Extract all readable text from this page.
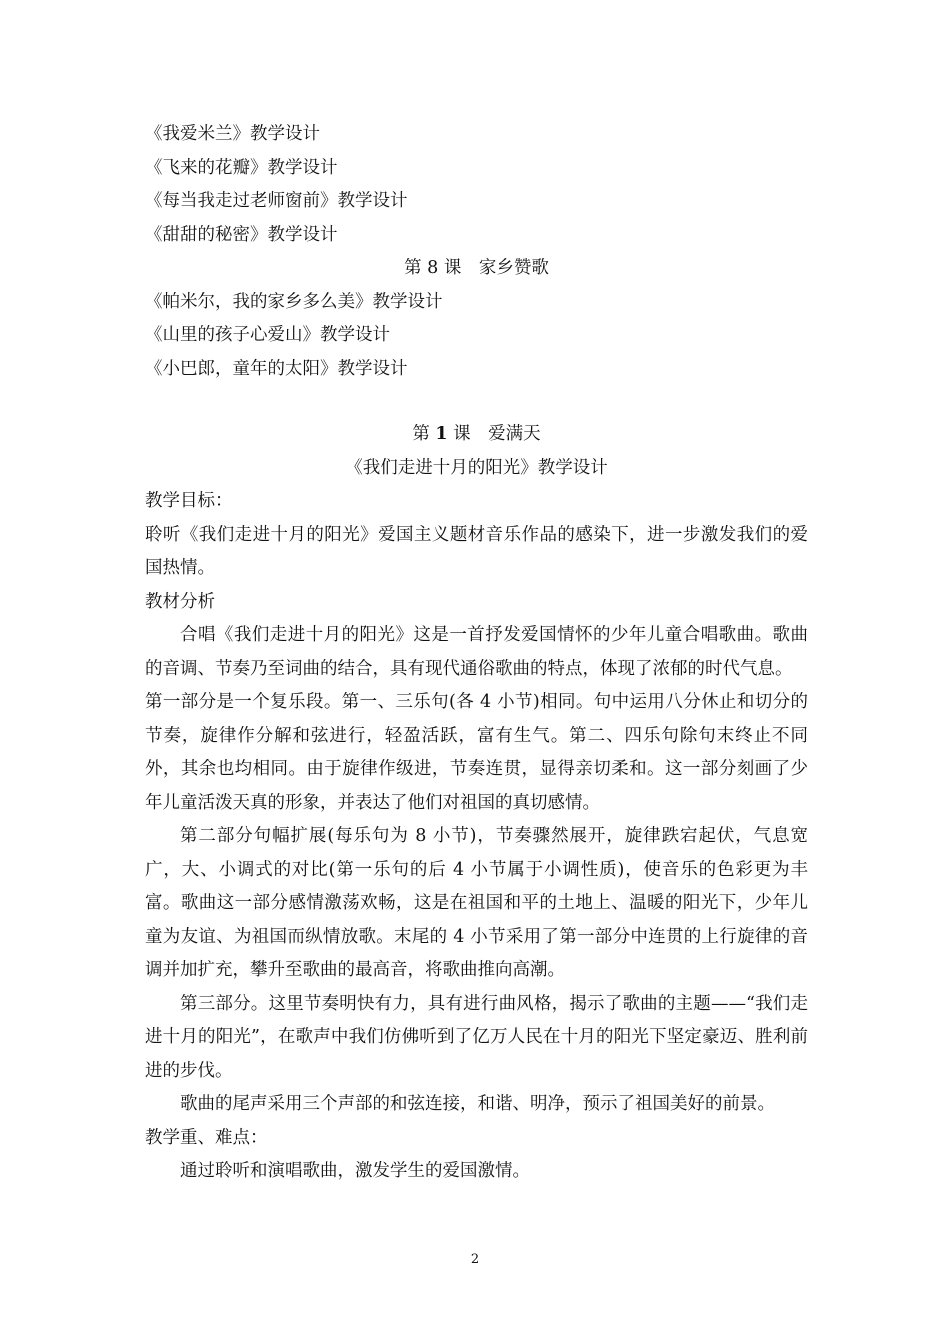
《我爱米兰》教学设计
《飞来的花瓣》教学设计
《每当我走过老师窗前》教学设计
《甜甜的秘密》教学设计
第 8 课　家乡赞歌
《帕米尔，我的家乡多么美》教学设计
《山里的孩子心爱山》教学设计
《小巴郎，童年的太阳》教学设计
第 1 课　爱满天
《我们走进十月的阳光》教学设计
教学目标：
聆听《我们走进十月的阳光》爱国主义题材音乐作品的感染下，进一步激发我们的爱国热情。
教材分析
合唱《我们走进十月的阳光》这是一首抒发爱国情怀的少年儿童合唱歌曲。歌曲的音调、节奏乃至词曲的结合，具有现代通俗歌曲的特点，体现了浓郁的时代气息。
第一部分是一个复乐段。第一、三乐句(各 4 小节)相同。句中运用八分休止和切分的节奏，旋律作分解和弦进行，轻盈活跃，富有生气。第二、四乐句除句末终止不同外，其余也均相同。由于旋律作级进，节奏连贯，显得亲切柔和。这一部分刻画了少年儿童活泼天真的形象，并表达了他们对祖国的真切感情。
第二部分句幅扩展(每乐句为 8 小节)，节奏骤然展开，旋律跌宕起伏，气息宽广，大、小调式的对比(第一乐句的后 4 小节属于小调性质)，使音乐的色彩更为丰富。歌曲这一部分感情激荡欢畅，这是在祖国和平的土地上、温暖的阳光下，少年儿童为友谊、为祖国而纵情放歌。末尾的 4 小节采用了第一部分中连贯的上行旋律的音调并加扩充，攀升至歌曲的最高音，将歌曲推向高潮。
第三部分。这里节奏明快有力，具有进行曲风格，揭示了歌曲的主题——“我们走进十月的阳光”，在歌声中我们仿佛听到了亿万人民在十月的阳光下坚定豪迈、胜利前进的步伐。
歌曲的尾声采用三个声部的和弦连接，和谐、明净，预示了祖国美好的前景。
教学重、难点：
通过聆听和演唱歌曲，激发学生的爱国激情。
2
